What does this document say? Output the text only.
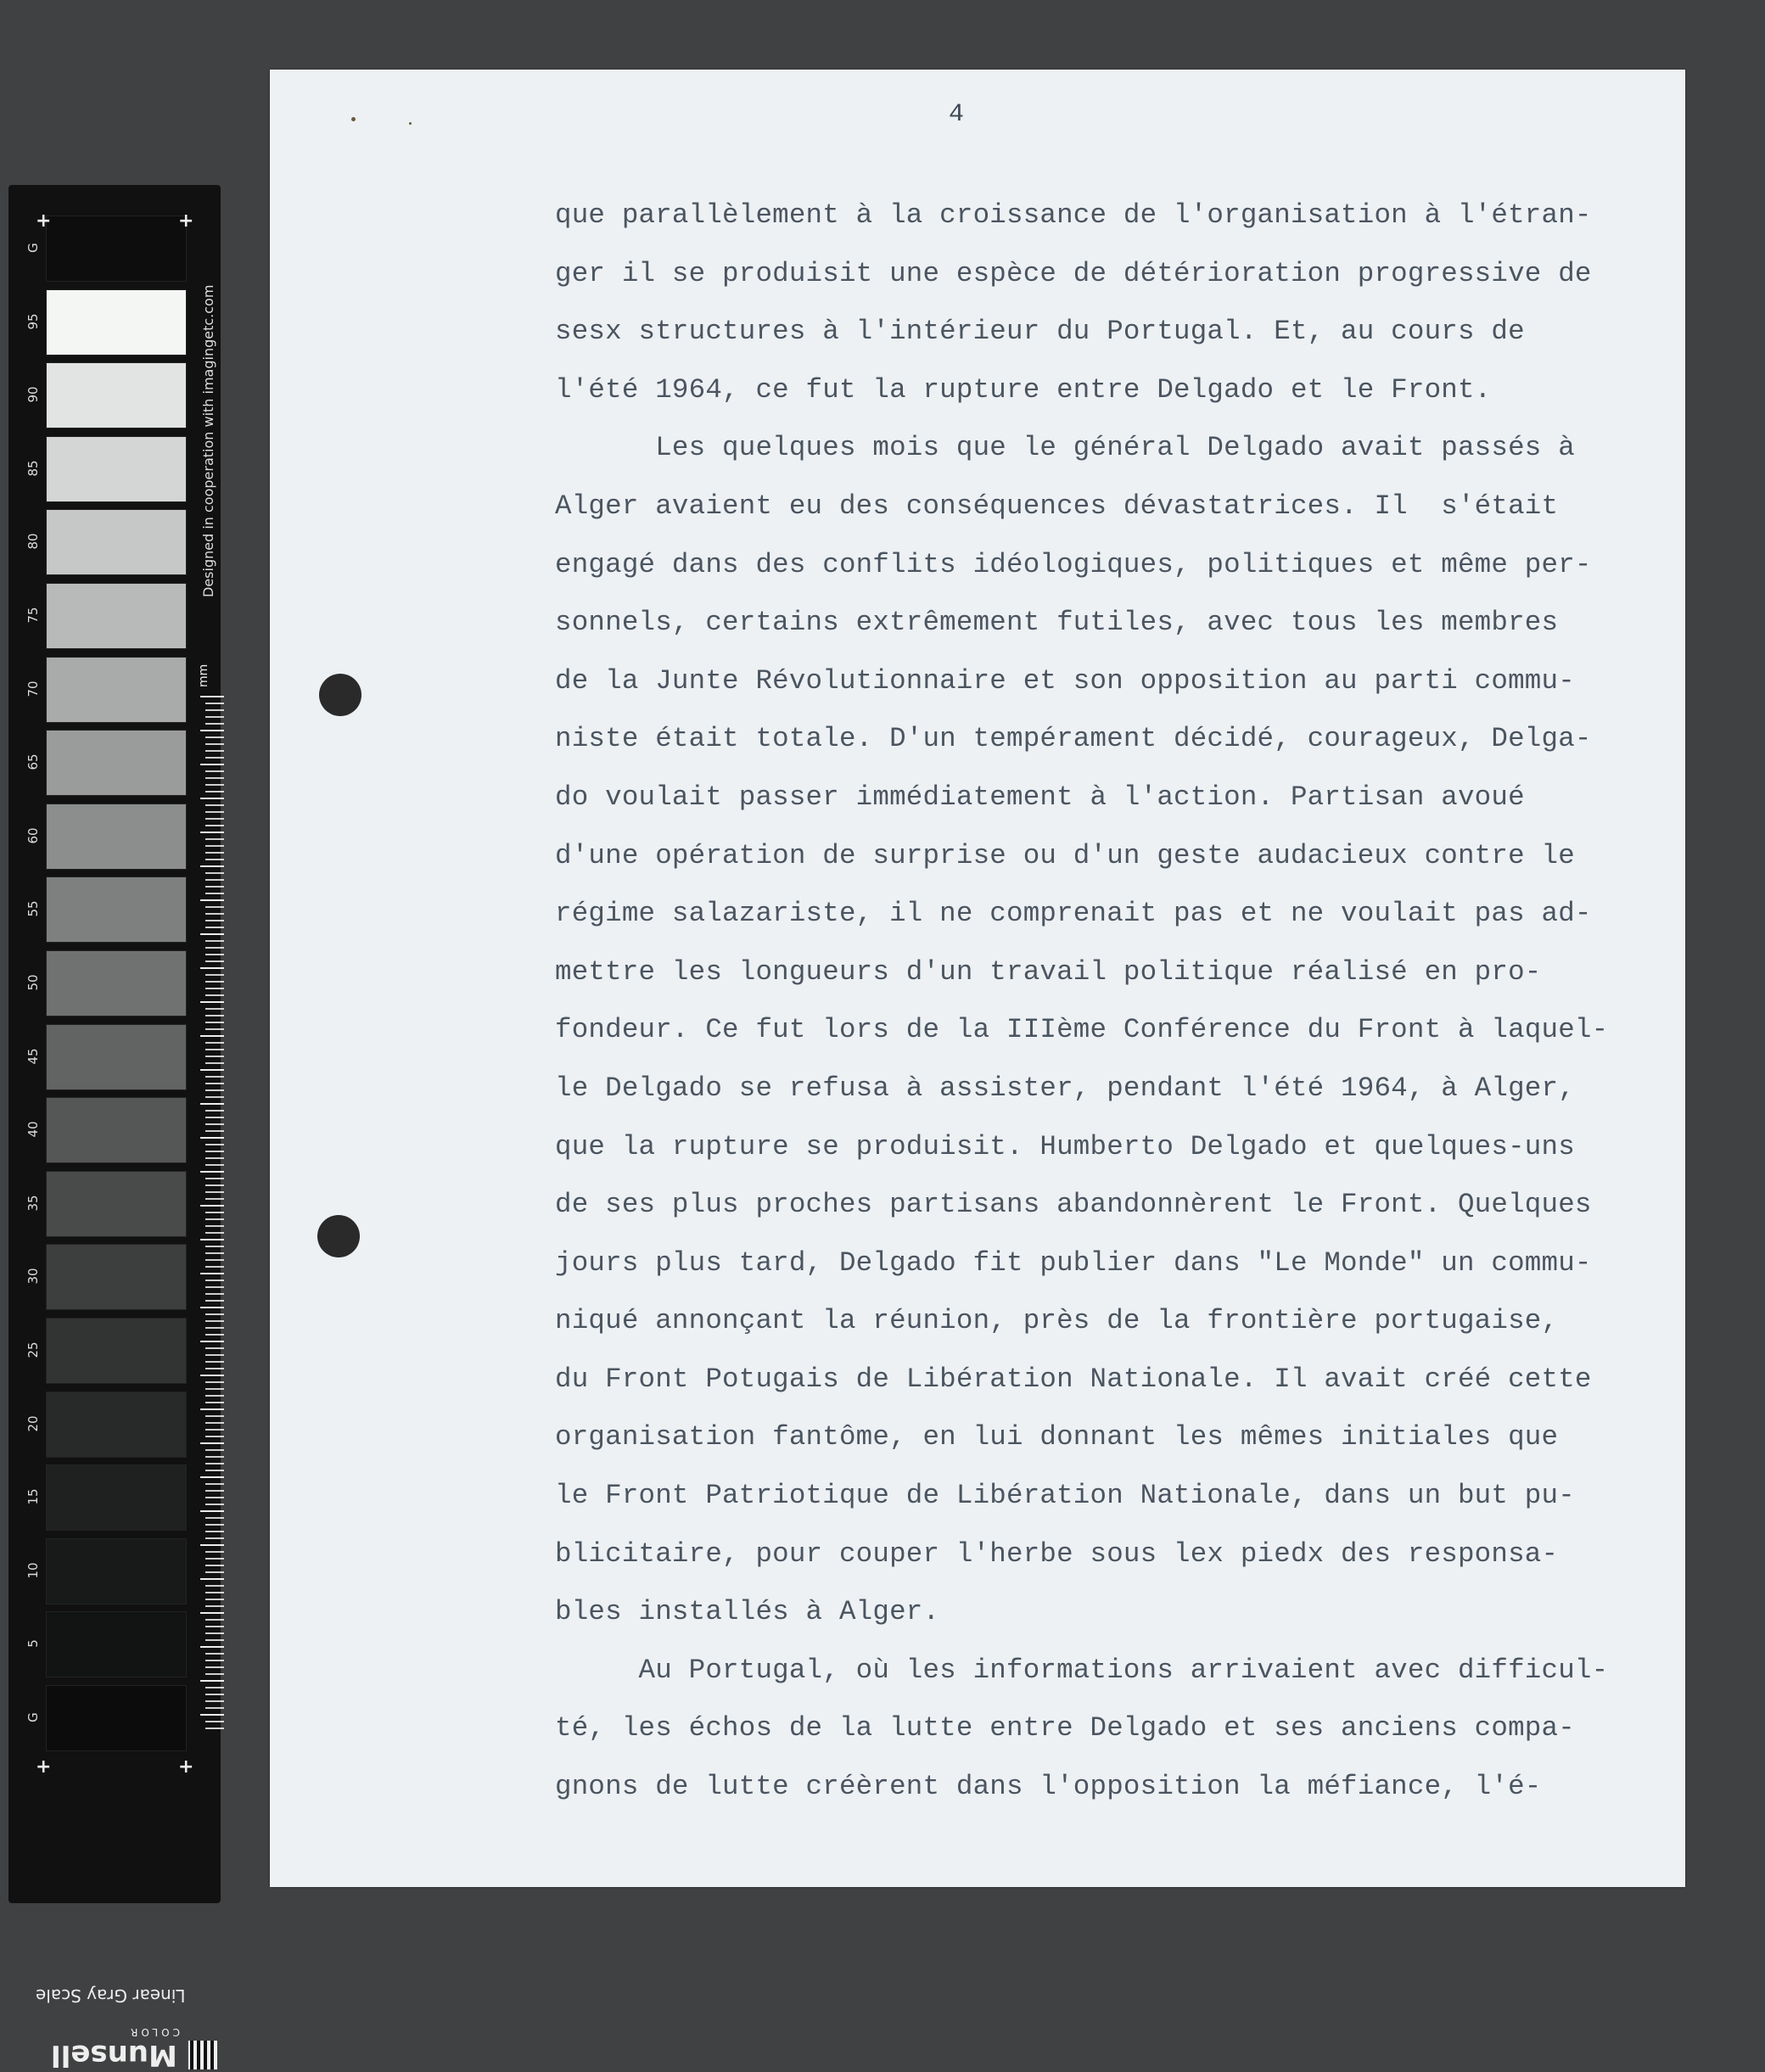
G
95
90
85
80
75
70
65
60
55
50
45
40
35
30
25
20
15
10
5
G
+	+
+	+
mm
Designed in cooperation with imagingetc.com
Linear Gray Scale
Munsell
COLOR
4
que parallèlement à la croissance de l'organisation à l'étran-
ger il se produisit une espèce de détérioration progressive de
sesx structures à l'intérieur du Portugal. Et, au cours de
l'été 1964, ce fut la rupture entre Delgado et le Front.
Les quelques mois que le général Delgado avait passés à
Alger avaient eu des conséquences dévastatrices. Il  s'était
engagé dans des conflits idéologiques, politiques et même per-
sonnels, certains extrêmement futiles, avec tous les membres
de la Junte Révolutionnaire et son opposition au parti commu-
niste était totale. D'un tempérament décidé, courageux, Delga-
do voulait passer immédiatement à l'action. Partisan avoué
d'une opération de surprise ou d'un geste audacieux contre le
régime salazariste, il ne comprenait pas et ne voulait pas ad-
mettre les longueurs d'un travail politique réalisé en pro-
fondeur. Ce fut lors de la IIIème Conférence du Front à laquel-
le Delgado se refusa à assister, pendant l'été 1964, à Alger,
que la rupture se produisit. Humberto Delgado et quelques-uns
de ses plus proches partisans abandonnèrent le Front. Quelques
jours plus tard, Delgado fit publier dans "Le Monde" un commu-
niqué annonçant la réunion, près de la frontière portugaise,
du Front Potugais de Libération Nationale. Il avait créé cette
organisation fantôme, en lui donnant les mêmes initiales que
le Front Patriotique de Libération Nationale, dans un but pu-
blicitaire, pour couper l'herbe sous lex piedx des responsa-
bles installés à Alger.
Au Portugal, où les informations arrivaient avec difficul-
té, les échos de la lutte entre Delgado et ses anciens compa-
gnons de lutte créèrent dans l'opposition la méfiance, l'é-
